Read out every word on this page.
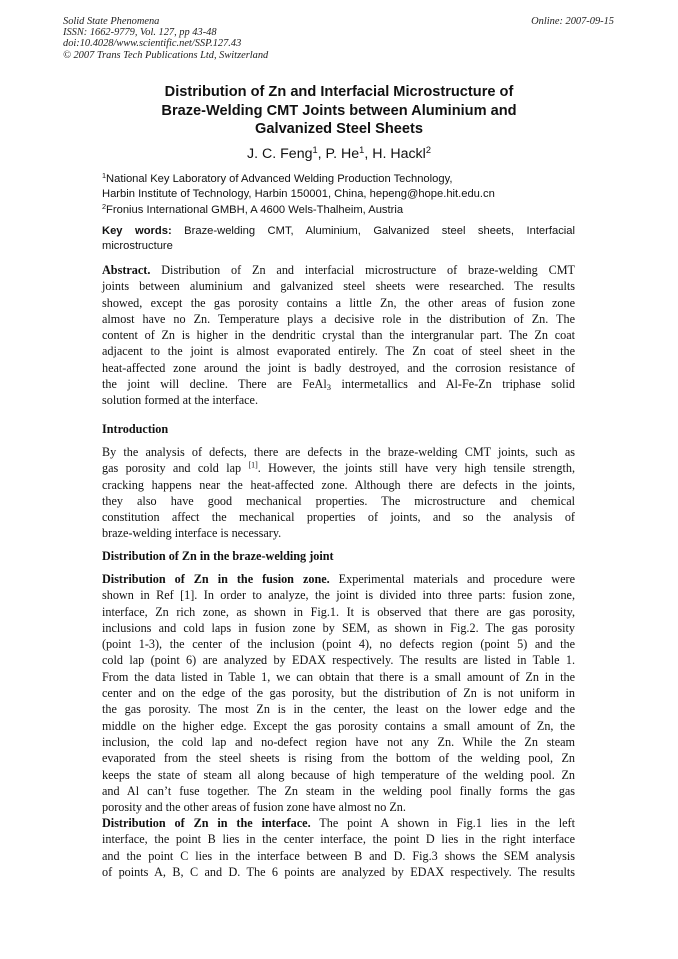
Solid State Phenomena
ISSN: 1662-9779, Vol. 127, pp 43-48
doi:10.4028/www.scientific.net/SSP.127.43
© 2007 Trans Tech Publications Ltd, Switzerland
Online: 2007-09-15
Distribution of Zn and Interfacial Microstructure of
Braze-Welding CMT Joints between Aluminium and
Galvanized Steel Sheets
J. C. Feng$^1$, P. He$^1$, H. Hackl$^2$
$^1$National Key Laboratory of Advanced Welding Production Technology,
Harbin Institute of Technology, Harbin 150001, China, hepeng@hope.hit.edu.cn
$^2$Fronius International GMBH, A 4600 Wels-Thalheim, Austria
Key words: Braze-welding CMT, Aluminium, Galvanized steel sheets, Interfacial
microstructure
Abstract. Distribution of Zn and interfacial microstructure of braze-welding CMT
joints between aluminium and galvanized steel sheets were researched. The results
showed, except the gas porosity contains a little Zn, the other areas of fusion zone
almost have no Zn. Temperature plays a decisive role in the distribution of Zn. The
content of Zn is higher in the dendritic crystal than the intergranular part. The Zn coat
adjacent to the joint is almost evaporated entirely. The Zn coat of steel sheet in the
heat-affected zone around the joint is badly destroyed, and the corrosion resistance of
the joint will decline. There are FeAl$_3$ intermetallics and Al-Fe-Zn triphase solid
solution formed at the interface.
Introduction
By the analysis of defects, there are defects in the braze-welding CMT joints, such as
gas porosity and cold lap [1]. However, the joints still have very high tensile strength,
cracking happens near the heat-affected zone. Although there are defects in the joints,
they also have good mechanical properties. The microstructure and chemical
constitution affect the mechanical properties of joints, and so the analysis of
braze-welding interface is necessary.
Distribution of Zn in the braze-welding joint
Distribution of Zn in the fusion zone. Experimental materials and procedure were
shown in Ref [1]. In order to analyze, the joint is divided into three parts: fusion zone,
interface, Zn rich zone, as shown in Fig.1. It is observed that there are gas porosity,
inclusions and cold laps in fusion zone by SEM, as shown in Fig.2. The gas porosity
(point 1-3), the center of the inclusion (point 4), no defects region (point 5) and the
cold lap (point 6) are analyzed by EDAX respectively. The results are listed in Table 1.
From the data listed in Table 1, we can obtain that there is a small amount of Zn in the
center and on the edge of the gas porosity, but the distribution of Zn is not uniform in
the gas porosity. The most Zn is in the center, the least on the lower edge and the
middle on the higher edge. Except the gas porosity contains a small amount of Zn, the
inclusion, the cold lap and no-defect region have not any Zn. While the Zn steam
evaporated from the steel sheets is rising from the bottom of the welding pool, Zn
keeps the state of steam all along because of high temperature of the welding pool. Zn
and Al can’t fuse together. The Zn steam in the welding pool finally forms the gas
porosity and the other areas of fusion zone have almost no Zn.
Distribution of Zn in the interface. The point A shown in Fig.1 lies in the left
interface, the point B lies in the center interface, the point D lies in the right interface
and the point C lies in the interface between B and D. Fig.3 shows the SEM analysis
of points A, B, C and D. The 6 points are analyzed by EDAX respectively. The results
